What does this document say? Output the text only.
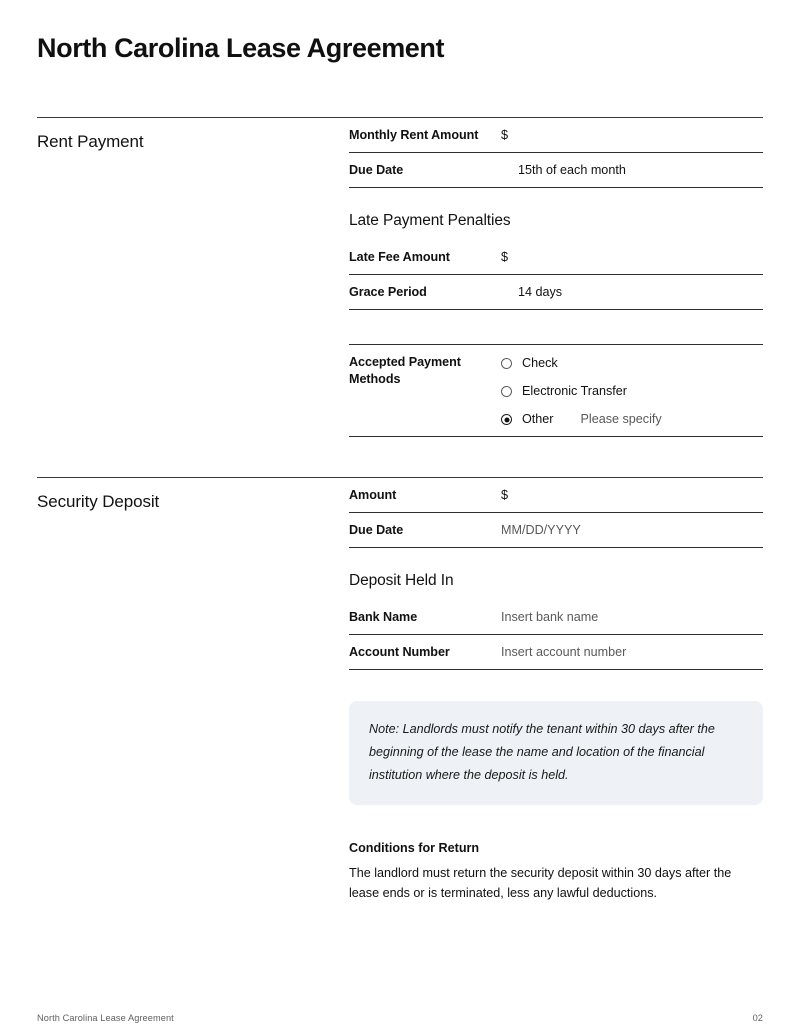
North Carolina Lease Agreement
Rent Payment	Monthly Rent Amount	$
Due Date	15th of each month
Late Payment Penalties
Late Fee Amount	$
Grace Period	14 days
Accepted Payment Methods
Check
Electronic Transfer
Other Please specify
Security Deposit	Amount	$
Due Date	MM/DD/YYYY
Deposit Held In
Bank Name	Insert bank name
Account Number	Insert account number

Note: Landlords must notify the tenant within 30 days after the beginning of the lease the name and location of the financial institution where the deposit is held.

Conditions for Return

The landlord must return the security deposit within 30 days after the lease ends or is terminated, less any lawful deductions.

North Carolina Lease Agreement	02
